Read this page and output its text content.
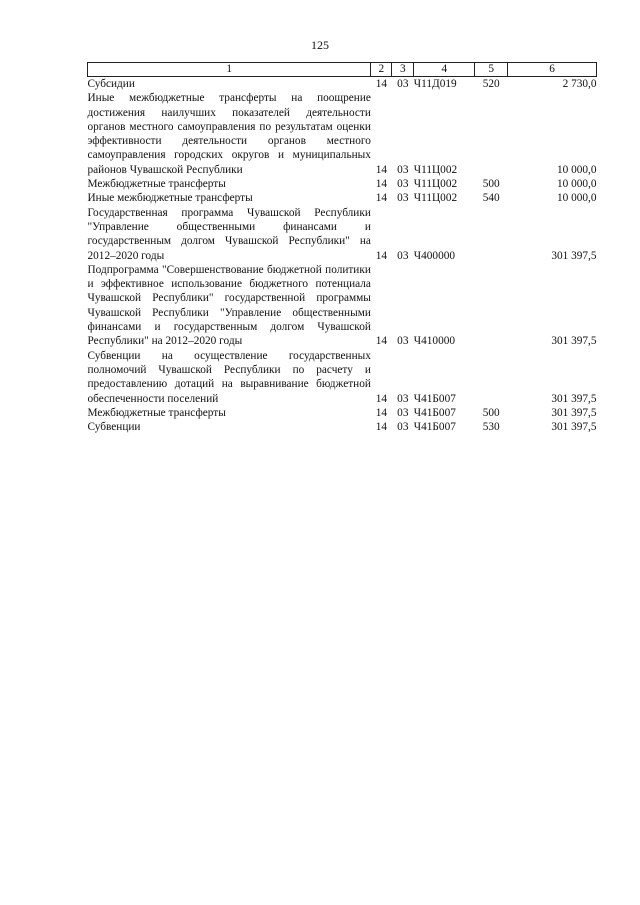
125
1	2	3	4	5	6
Субсидии	14	03	Ч11Д019	520	2 730,0
Иные межбюджетные трансферты на поощрение достижения наилучших показателей деятельности органов местного самоуправления по результатам оценки эффективности деятельности органов местного самоуправления городских округов и муниципальных районов Чувашской Республики	14	03	Ч11Ц002		10 000,0
Межбюджетные трансферты	14	03	Ч11Ц002	500	10 000,0
Иные межбюджетные трансферты	14	03	Ч11Ц002	540	10 000,0
Государственная программа Чувашской Республики "Управление общественными финансами и государственным долгом Чувашской Республики" на 2012–2020 годы	14	03	Ч400000		301 397,5
Подпрограмма "Совершенствование бюджетной политики и эффективное использование бюджетного потенциала Чувашской Республики" государственной программы Чувашской Республики "Управление общественными финансами и государственным долгом Чувашской Республики" на 2012–2020 годы	14	03	Ч410000		301 397,5
Субвенции на осуществление государственных полномочий Чувашской Республики по расчету и предоставлению дотаций на выравнивание бюджетной обеспеченности поселений	14	03	Ч41Б007		301 397,5
Межбюджетные трансферты	14	03	Ч41Б007	500	301 397,5
Субвенции	14	03	Ч41Б007	530	301 397,5
